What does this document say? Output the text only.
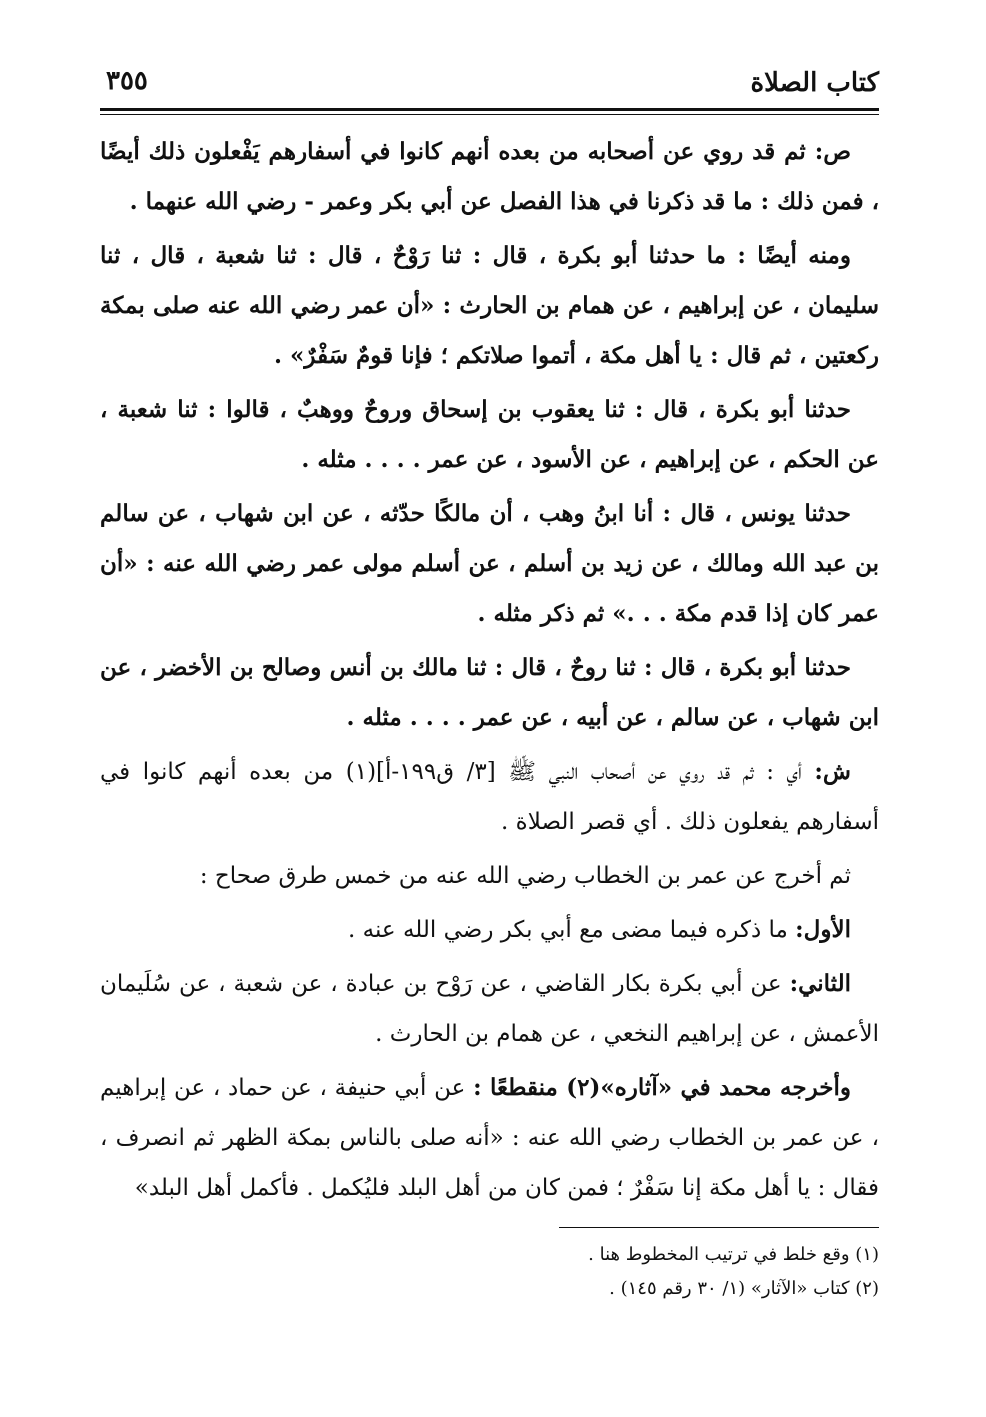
كتاب الصلاة
٣٥٥

ص: ثم قد روي عن أصحابه من بعده أنهم كانوا في أسفارهم يَفْعلون ذلك أيضًا ، فمن ذلك : ما قد ذكرنا في هذا الفصل عن أبي بكر وعمر - رضي الله عنهما .

ومنه أيضًا : ما حدثنا أبو بكرة ، قال : ثنا رَوْحٌ ، قال : ثنا شعبة ، قال ، ثنا سليمان ، عن إبراهيم ، عن همام بن الحارث : «أن عمر رضي الله عنه صلى بمكة ركعتين ، ثم قال : يا أهل مكة ، أتموا صلاتكم ؛ فإنا قومٌ سَفْرٌ» .

حدثنا أبو بكرة ، قال : ثنا يعقوب بن إسحاق وروحٌ ووهبٌ ، قالوا : ثنا شعبة ، عن الحكم ، عن إبراهيم ، عن الأسود ، عن عمر . . . . مثله .

حدثنا يونس ، قال : أنا ابنُ وهب ، أن مالكًا حدّثه ، عن ابن شهاب ، عن سالم بن عبد الله ومالك ، عن زيد بن أسلم ، عن أسلم مولى عمر رضي الله عنه : «أن عمر كان إذا قدم مكة . . .» ثم ذكر مثله .

حدثنا أبو بكرة ، قال : ثنا روحٌ ، قال : ثنا مالك بن أنس وصالح بن الأخضر ، عن ابن شهاب ، عن سالم ، عن أبيه ، عن عمر . . . . مثله .

ش: أي : ثم قد روي عن أصحاب النبي ﷺ [٣/ ق١٩٩-أ](١) من بعده أنهم كانوا في أسفارهم يفعلون ذلك . أي قصر الصلاة .

ثم أخرج عن عمر بن الخطاب رضي الله عنه من خمس طرق صحاح :

الأول: ما ذكره فيما مضى مع أبي بكر رضي الله عنه .

الثاني: عن أبي بكرة بكار القاضي ، عن رَوْح بن عبادة ، عن شعبة ، عن سُلَيمان الأعمش ، عن إبراهيم النخعي ، عن همام بن الحارث .

وأخرجه محمد في «آثاره»(٢) منقطعًا : عن أبي حنيفة ، عن حماد ، عن إبراهيم ، عن عمر بن الخطاب رضي الله عنه : «أنه صلى بالناس بمكة الظهر ثم انصرف ، فقال : يا أهل مكة إنا سَفْرٌ ؛ فمن كان من أهل البلد فليُكمل . فأكمل أهل البلد»

(١) وقع خلط في ترتيب المخطوط هنا .

(٢) كتاب «الآثار» (١/ ٣٠ رقم ١٤٥) .
